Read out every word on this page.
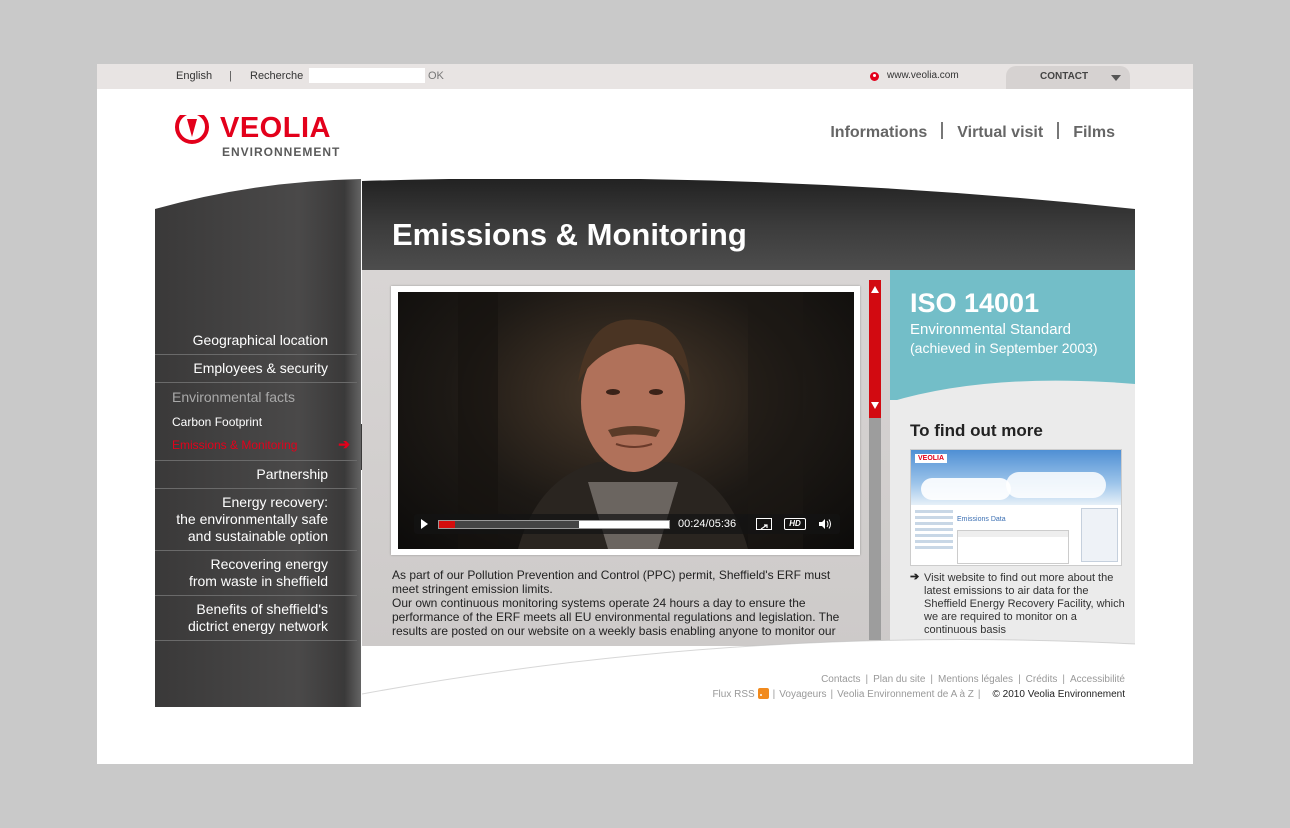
English | Recherche	OK	www.veolia.com	CONTACT
VEOLIA
ENVIRONNEMENT
Informations Virtual visit Films
Geographical location
Employees & security
Environmental facts
Carbon Footprint
Emissions & Monitoring	➔
Partnership
Energy recovery:
the environmentally safe
and sustainable option
Recovering energy
from waste in sheffield
Benefits of sheffield's
dictrict energy network
Emissions & Monitoring
00:24/05:36	HD

As part of our Pollution Prevention and Control (PPC) permit, Sheffield's ERF must meet stringent emission limits.

Our own continuous monitoring systems operate 24 hours a day to ensure the performance of the ERF meets all EU environmental regulations and legislation. The results are posted on our website on a weekly basis enabling anyone to monitor our

ISO 14001
Environmental Standard
(achieved in September 2003)
To find out more
VEOLIA
Emissions Data
➔ Visit website to find out more about the latest emissions to air data for the Sheffield Energy Recovery Facility, which we are required to monitor on a continuous basis
Contacts | Plan du site | Mentions légales | Crédits | Accessibilité
Flux RSS | Voyageurs | Veolia Environnement de A à Z | © 2010 Veolia Environnement
